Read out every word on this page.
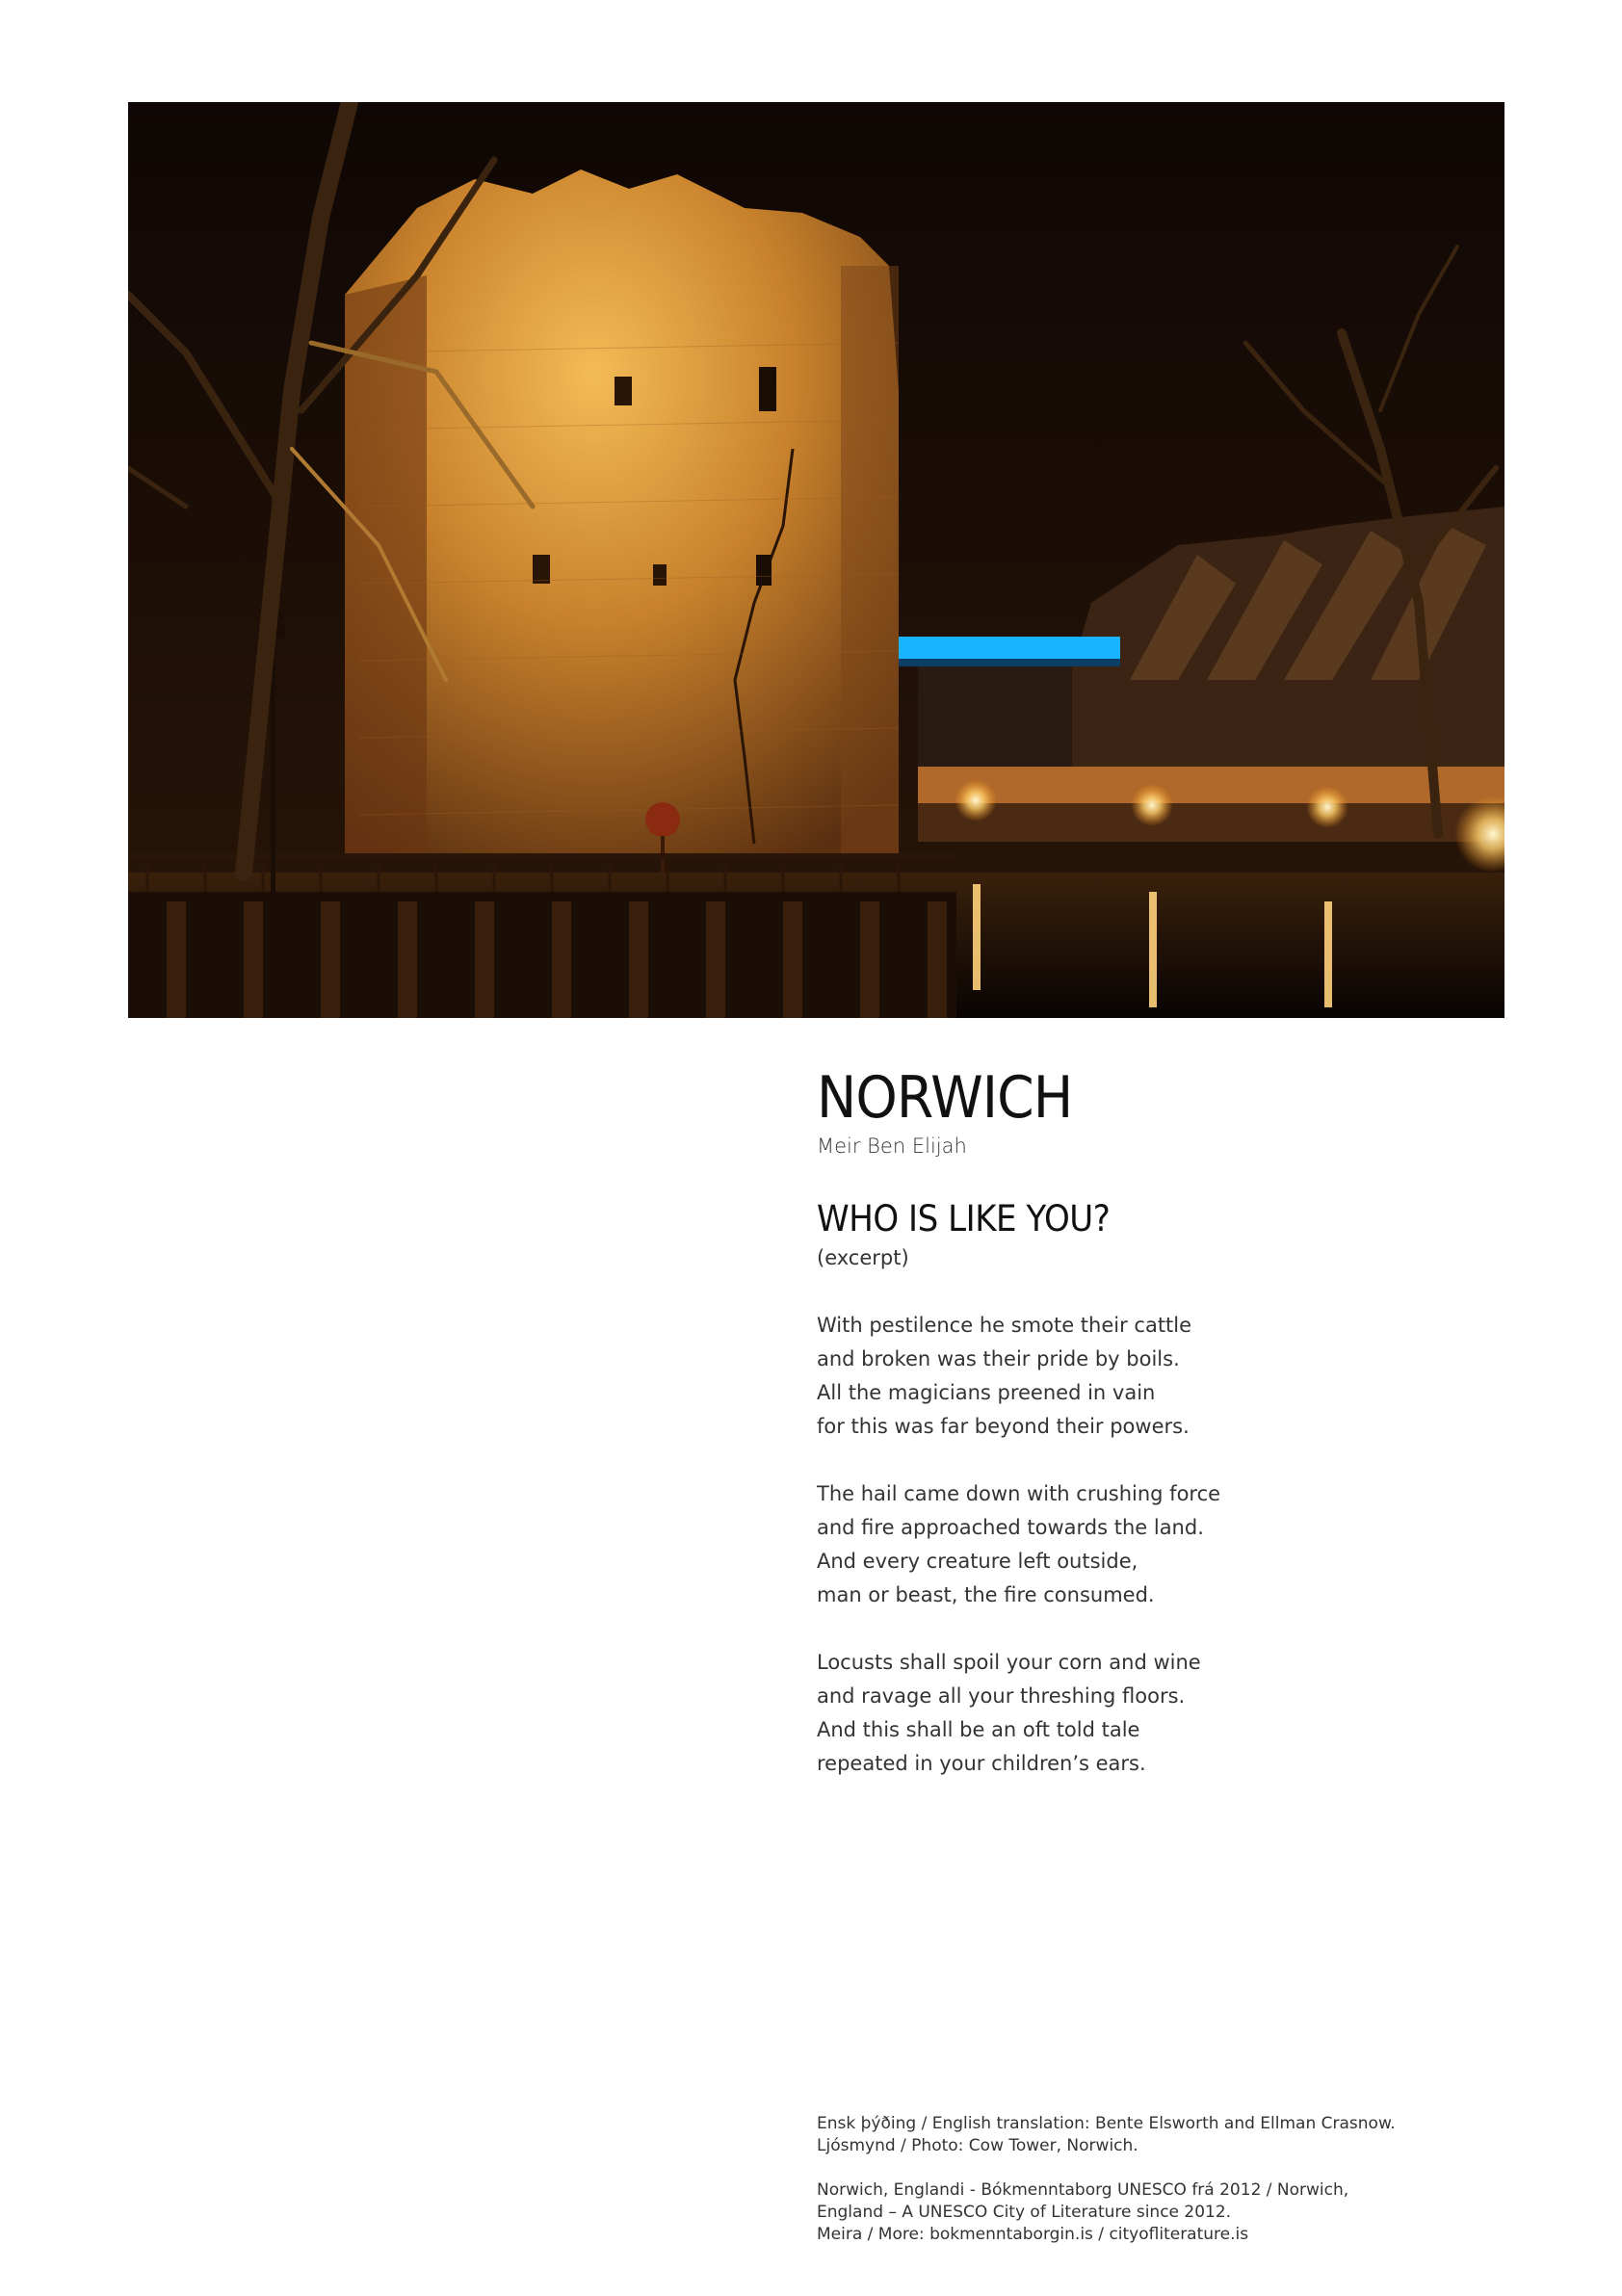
NORWICH

Meir Ben Elijah

WHO IS LIKE YOU?

(excerpt)

With pestilence he smote their cattle
and broken was their pride by boils.
All the magicians preened in vain
for this was far beyond their powers.
The hail came down with crushing force
and fire approached towards the land.
And every creature left outside,
man or beast, the fire consumed.
Locusts shall spoil your corn and wine
and ravage all your threshing floors.
And this shall be an oft told tale
repeated in your children’s ears.

Ensk þýðing / English translation: Bente Elsworth and Ellman Crasnow.

Ljósmynd / Photo: Cow Tower, Norwich.

Norwich, Englandi - Bókmenntaborg UNESCO frá 2012 / Norwich,

England – A UNESCO City of Literature since 2012.

Meira / More: bokmenntaborgin.is / cityofliterature.is
